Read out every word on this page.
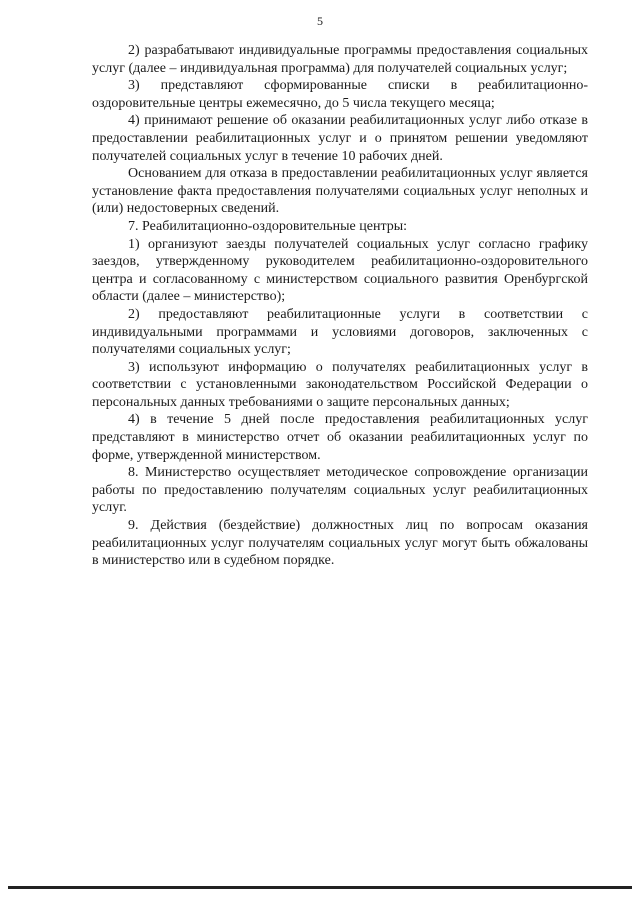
5

2) разрабатывают индивидуальные программы предоставления социальных услуг (далее – индивидуальная программа) для получателей социальных услуг;

3) представляют сформированные списки в реабилитационно-оздоровительные центры ежемесячно, до 5 числа текущего месяца;

4) принимают решение об оказании реабилитационных услуг либо отказе в предоставлении реабилитационных услуг и о принятом решении уведомляют получателей социальных услуг в течение 10 рабочих дней.

Основанием для отказа в предоставлении реабилитационных услуг является установление факта предоставления получателями социальных услуг неполных и (или) недостоверных сведений.

7. Реабилитационно-оздоровительные центры:

1) организуют заезды получателей социальных услуг согласно графику заездов, утвержденному руководителем реабилитационно-оздоровительного центра и согласованному с министерством социального развития Оренбургской области (далее – министерство);

2) предоставляют реабилитационные услуги в соответствии с индивидуальными программами и условиями договоров, заключенных с получателями социальных услуг;

3) используют информацию о получателях реабилитационных услуг в соответствии с установленными законодательством Российской Федерации о персональных данных требованиями о защите персональных данных;

4) в течение 5 дней после предоставления реабилитационных услуг представляют в министерство отчет об оказании реабилитационных услуг по форме, утвержденной министерством.

8. Министерство осуществляет методическое сопровождение организации работы по предоставлению получателям социальных услуг реабилитационных услуг.

9. Действия (бездействие) должностных лиц по вопросам оказания реабилитационных услуг получателям социальных услуг могут быть обжалованы в министерство или в судебном порядке.
